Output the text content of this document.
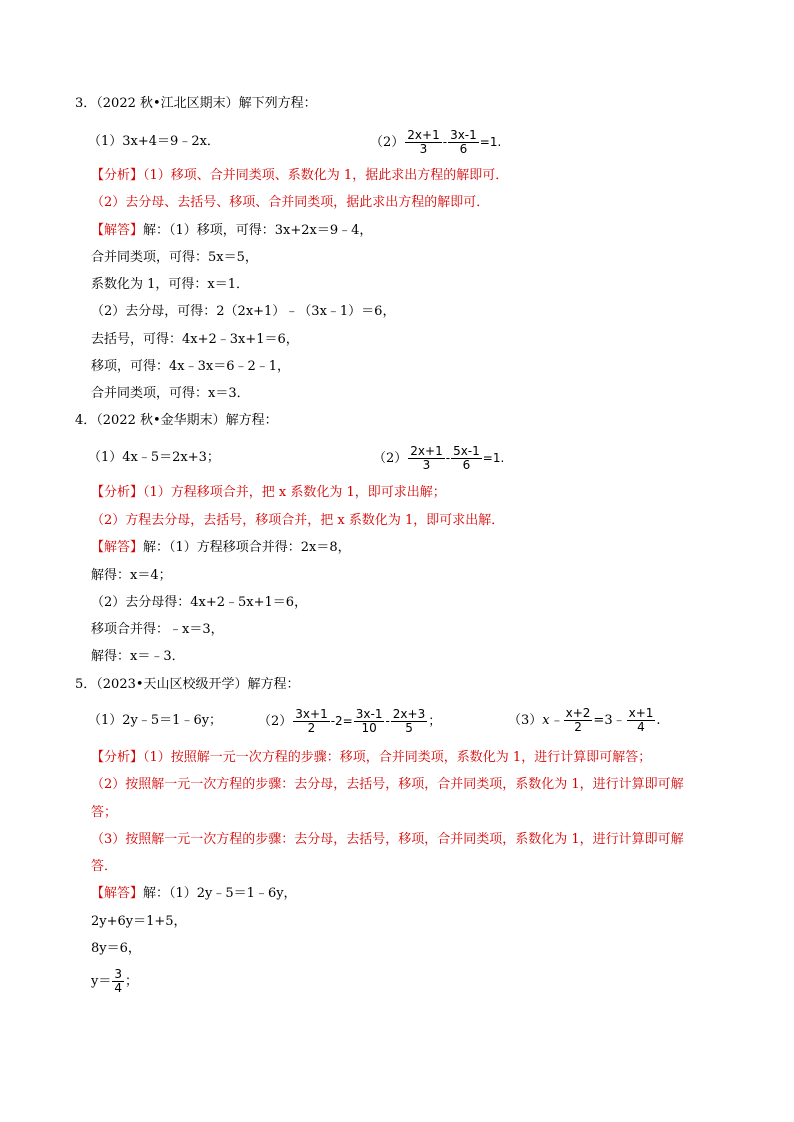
3．（2022 秋•江北区期末）解下列方程：
（1）3x+4＝9﹣2x．	$(2) \frac{2x+1}{3} - \frac{3x-1}{6} =1$.
【分析】（1）移项、合并同类项、系数化为 1，据此求出方程的解即可．
（2）去分母、去括号、移项、合并同类项，据此求出方程的解即可．
【解答】解：（1）移项，可得：3x+2x＝9﹣4，
合并同类项，可得：5x＝5，
系数化为 1，可得：x＝1．
（2）去分母，可得：2（2x+1）﹣（3x﹣1）＝6，
去括号，可得：4x+2﹣3x+1＝6，
移项，可得：4x﹣3x＝6﹣2﹣1，
合并同类项，可得：x＝3．
4．（2022 秋•金华期末）解方程：
（1）4x﹣5＝2x+3；	$(2) \frac{2x+1}{3} - \frac{5x-1}{6} =1$.
【分析】（1）方程移项合并，把 x 系数化为 1，即可求出解；
（2）方程去分母，去括号，移项合并，把 x 系数化为 1，即可求出解．
【解答】解：（1）方程移项合并得：2x＝8，
解得：x＝4；
（2）去分母得：4x+2﹣5x+1＝6，
移项合并得：﹣x＝3，
解得：x＝﹣3．
5．（2023•天山区校级开学）解方程：
（1）2y﹣5＝1﹣6y；	$(2) \frac{3x+1}{2} -2= \frac{3x-1}{10} - \frac{2x+3}{5}$ ；	（3）x﹣ $\frac{x+2}{2}$ =3﹣ $\frac{x+1}{4}$ .
【分析】（1）按照解一元一次方程的步骤：移项，合并同类项，系数化为 1，进行计算即可解答；
（2）按照解一元一次方程的步骤：去分母，去括号，移项，合并同类项，系数化为 1，进行计算即可解
答；
（3）按照解一元一次方程的步骤：去分母，去括号，移项，合并同类项，系数化为 1，进行计算即可解
答．
【解答】解：（1）2y﹣5＝1﹣6y，
2y+6y＝1+5，
8y＝6，
$y= \frac{3}{4}$ ；
